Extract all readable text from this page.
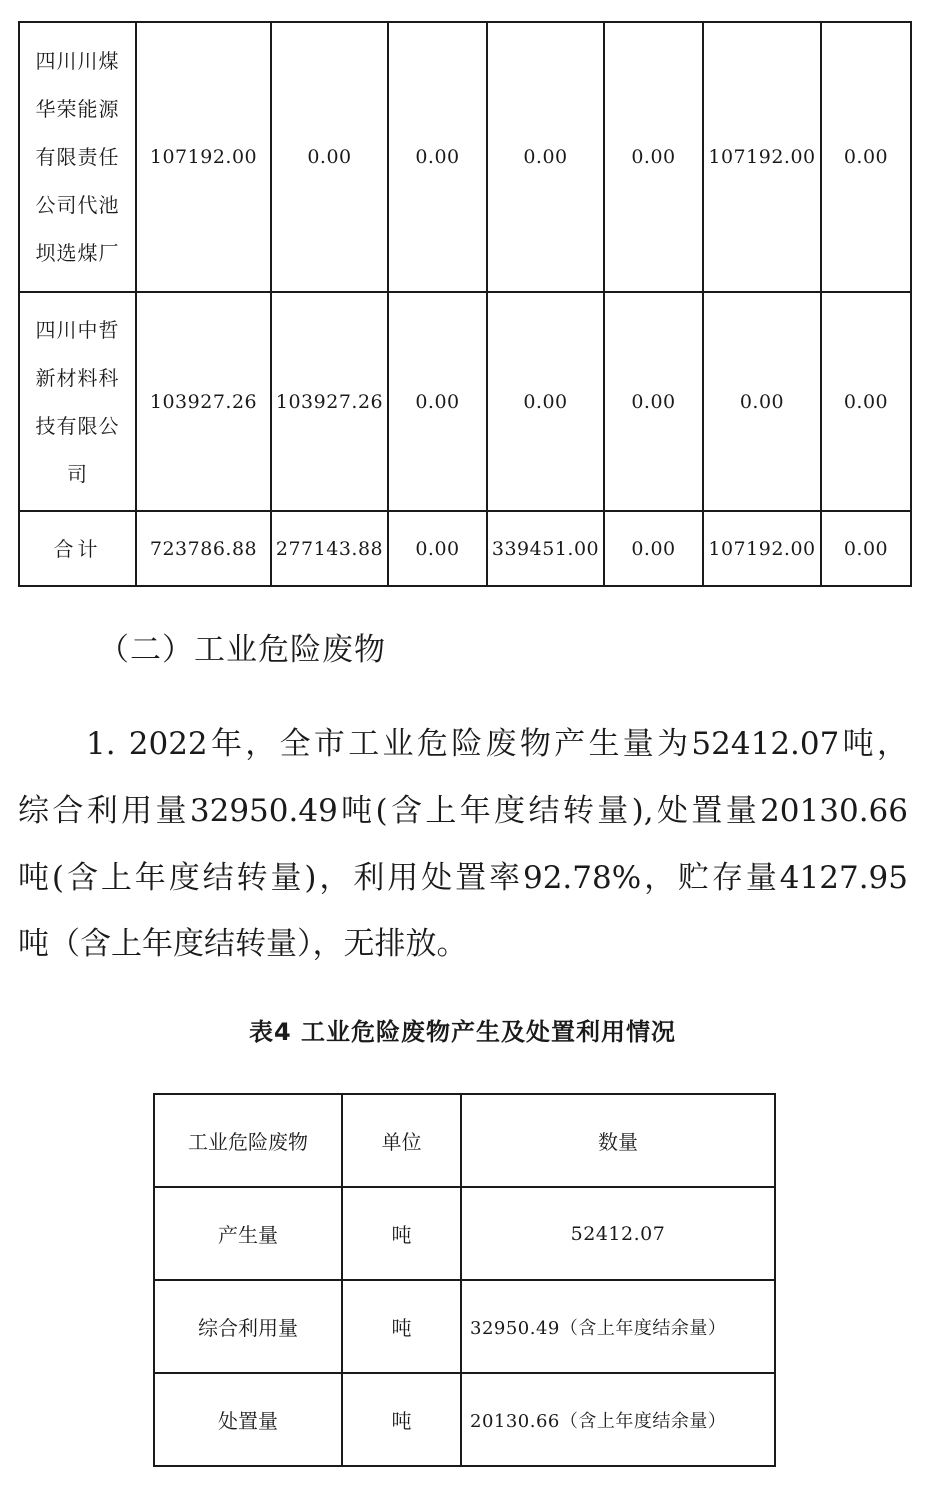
四川川煤华荣能源有限责任公司代池坝选煤厂	107192.00	0.00	0.00	0.00	0.00	107192.00	0.00

四川中哲新材料科技有限公司	103927.26	103927.26	0.00	0.00	0.00	0.00	0.00
合计	723786.88	277143.88	0.00	339451.00	0.00	107192.00	0.00
（二）工业危险废物
1. 2022年，全市工业危险废物产生量为52412.07吨，
综合利用量32950.49吨(含上年度结转量),处置量20130.66
吨(含上年度结转量)，利用处置率92.78%，贮存量4127.95
吨（含上年度结转量），无排放。
表4 工业危险废物产生及处置利用情况
工业危险废物	单位	数量
产生量	吨	52412.07
综合利用量	吨	32950.49（含上年度结余量）
处置量	吨	20130.66（含上年度结余量）
